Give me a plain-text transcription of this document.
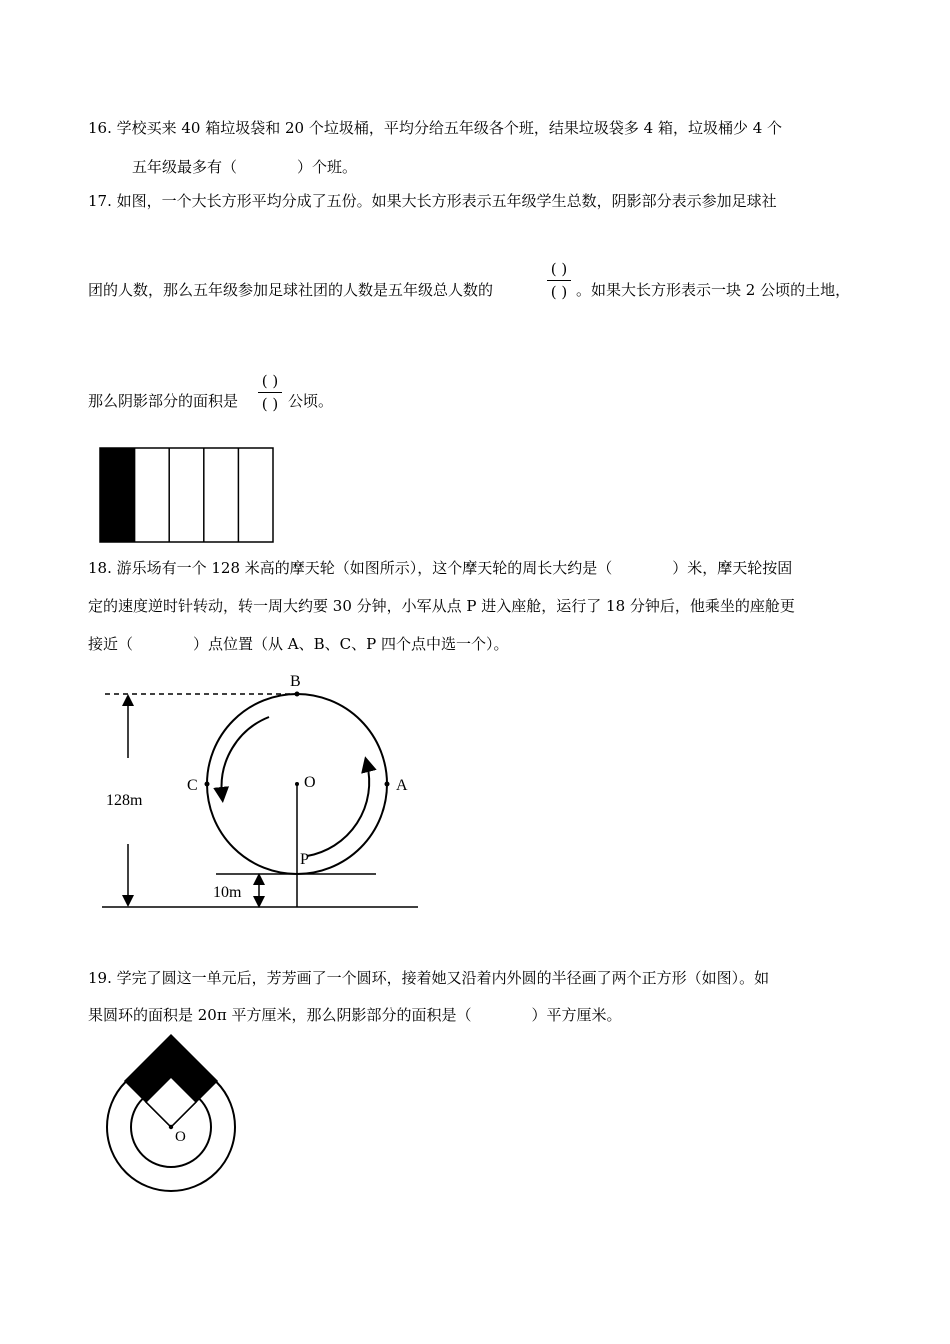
16. 学校买来 40 箱垃圾袋和 20 个垃圾桶，平均分给五年级各个班，结果垃圾袋多 4 箱，垃圾桶少 4 个
五年级最多有（　　　　）个班。
17. 如图，一个大长方形平均分成了五份。如果大长方形表示五年级学生总数，阴影部分表示参加足球社
团的人数，那么五年级参加足球社团的人数是五年级总人数的
( )
( ) 。如果大长方形表示一块 2 公顷的土地，
那么阴影部分的面积是
( )
( ) 公顷。
18. 游乐场有一个 128 米高的摩天轮（如图所示），这个摩天轮的周长大约是（　　　　）米，摩天轮按固
定的速度逆时针转动，转一周大约要 30 分钟，小军从点 P 进入座舱，运行了 18 分钟后，他乘坐的座舱更
接近（　　　　）点位置（从 A、B、C、P 四个点中选一个）。
B
C	O	A
P
128m
10m
19. 学完了圆这一单元后，芳芳画了一个圆环，接着她又沿着内外圆的半径画了两个正方形（如图）。如
果圆环的面积是 20π 平方厘米，那么阴影部分的面积是（　　　　）平方厘米。
O
